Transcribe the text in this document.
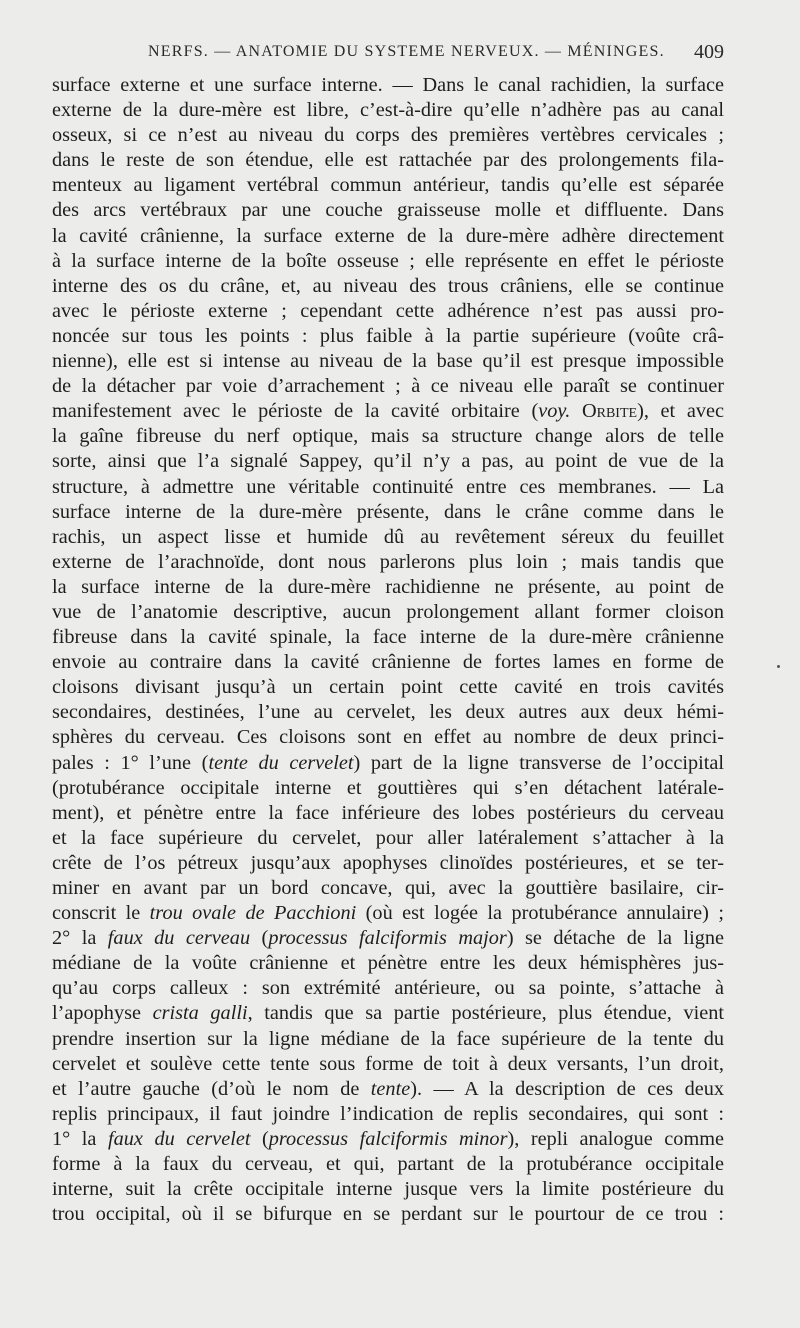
NERFS. — ANATOMIE DU SYSTEME NERVEUX. — MÉNINGES. 409
surface externe et une surface interne. — Dans le canal rachidien, la surface
externe de la dure-mère est libre, c’est-à-dire qu’elle n’adhère pas au canal
osseux, si ce n’est au niveau du corps des premières vertèbres cervicales ;
dans le reste de son étendue, elle est rattachée par des prolongements fila-
menteux au ligament vertébral commun antérieur, tandis qu’elle est séparée
des arcs vertébraux par une couche graisseuse molle et diffluente. Dans
la cavité crânienne, la surface externe de la dure-mère adhère directement
à la surface interne de la boîte osseuse ; elle représente en effet le périoste
interne des os du crâne, et, au niveau des trous crâniens, elle se continue
avec le périoste externe ; cependant cette adhérence n’est pas aussi pro-
noncée sur tous les points : plus faible à la partie supérieure (voûte crâ-
nienne), elle est si intense au niveau de la base qu’il est presque impossible
de la détacher par voie d’arrachement ; à ce niveau elle paraît se continuer
manifestement avec le périoste de la cavité orbitaire (voy. Orbite), et avec
la gaîne fibreuse du nerf optique, mais sa structure change alors de telle
sorte, ainsi que l’a signalé Sappey, qu’il n’y a pas, au point de vue de la
structure, à admettre une véritable continuité entre ces membranes. — La
surface interne de la dure-mère présente, dans le crâne comme dans le
rachis, un aspect lisse et humide dû au revêtement séreux du feuillet
externe de l’arachnoïde, dont nous parlerons plus loin ; mais tandis que
la surface interne de la dure-mère rachidienne ne présente, au point de
vue de l’anatomie descriptive, aucun prolongement allant former cloison
fibreuse dans la cavité spinale, la face interne de la dure-mère crânienne
envoie au contraire dans la cavité crânienne de fortes lames en forme de
cloisons divisant jusqu’à un certain point cette cavité en trois cavités
secondaires, destinées, l’une au cervelet, les deux autres aux deux hémi-
sphères du cerveau. Ces cloisons sont en effet au nombre de deux princi-
pales : 1° l’une (tente du cervelet) part de la ligne transverse de l’occipital
(protubérance occipitale interne et gouttières qui s’en détachent latérale-
ment), et pénètre entre la face inférieure des lobes postérieurs du cerveau
et la face supérieure du cervelet, pour aller latéralement s’attacher à la
crête de l’os pétreux jusqu’aux apophyses clinoïdes postérieures, et se ter-
miner en avant par un bord concave, qui, avec la gouttière basilaire, cir-
conscrit le trou ovale de Pacchioni (où est logée la protubérance annulaire) ;
2° la faux du cerveau (processus falciformis major) se détache de la ligne
médiane de la voûte crânienne et pénètre entre les deux hémisphères jus-
qu’au corps calleux : son extrémité antérieure, ou sa pointe, s’attache à
l’apophyse crista galli, tandis que sa partie postérieure, plus étendue, vient
prendre insertion sur la ligne médiane de la face supérieure de la tente du
cervelet et soulève cette tente sous forme de toit à deux versants, l’un droit,
et l’autre gauche (d’où le nom de tente). — A la description de ces deux
replis principaux, il faut joindre l’indication de replis secondaires, qui sont :
1° la faux du cervelet (processus falciformis minor), repli analogue comme
forme à la faux du cerveau, et qui, partant de la protubérance occipitale
interne, suit la crête occipitale interne jusque vers la limite postérieure du
trou occipital, où il se bifurque en se perdant sur le pourtour de ce trou :
